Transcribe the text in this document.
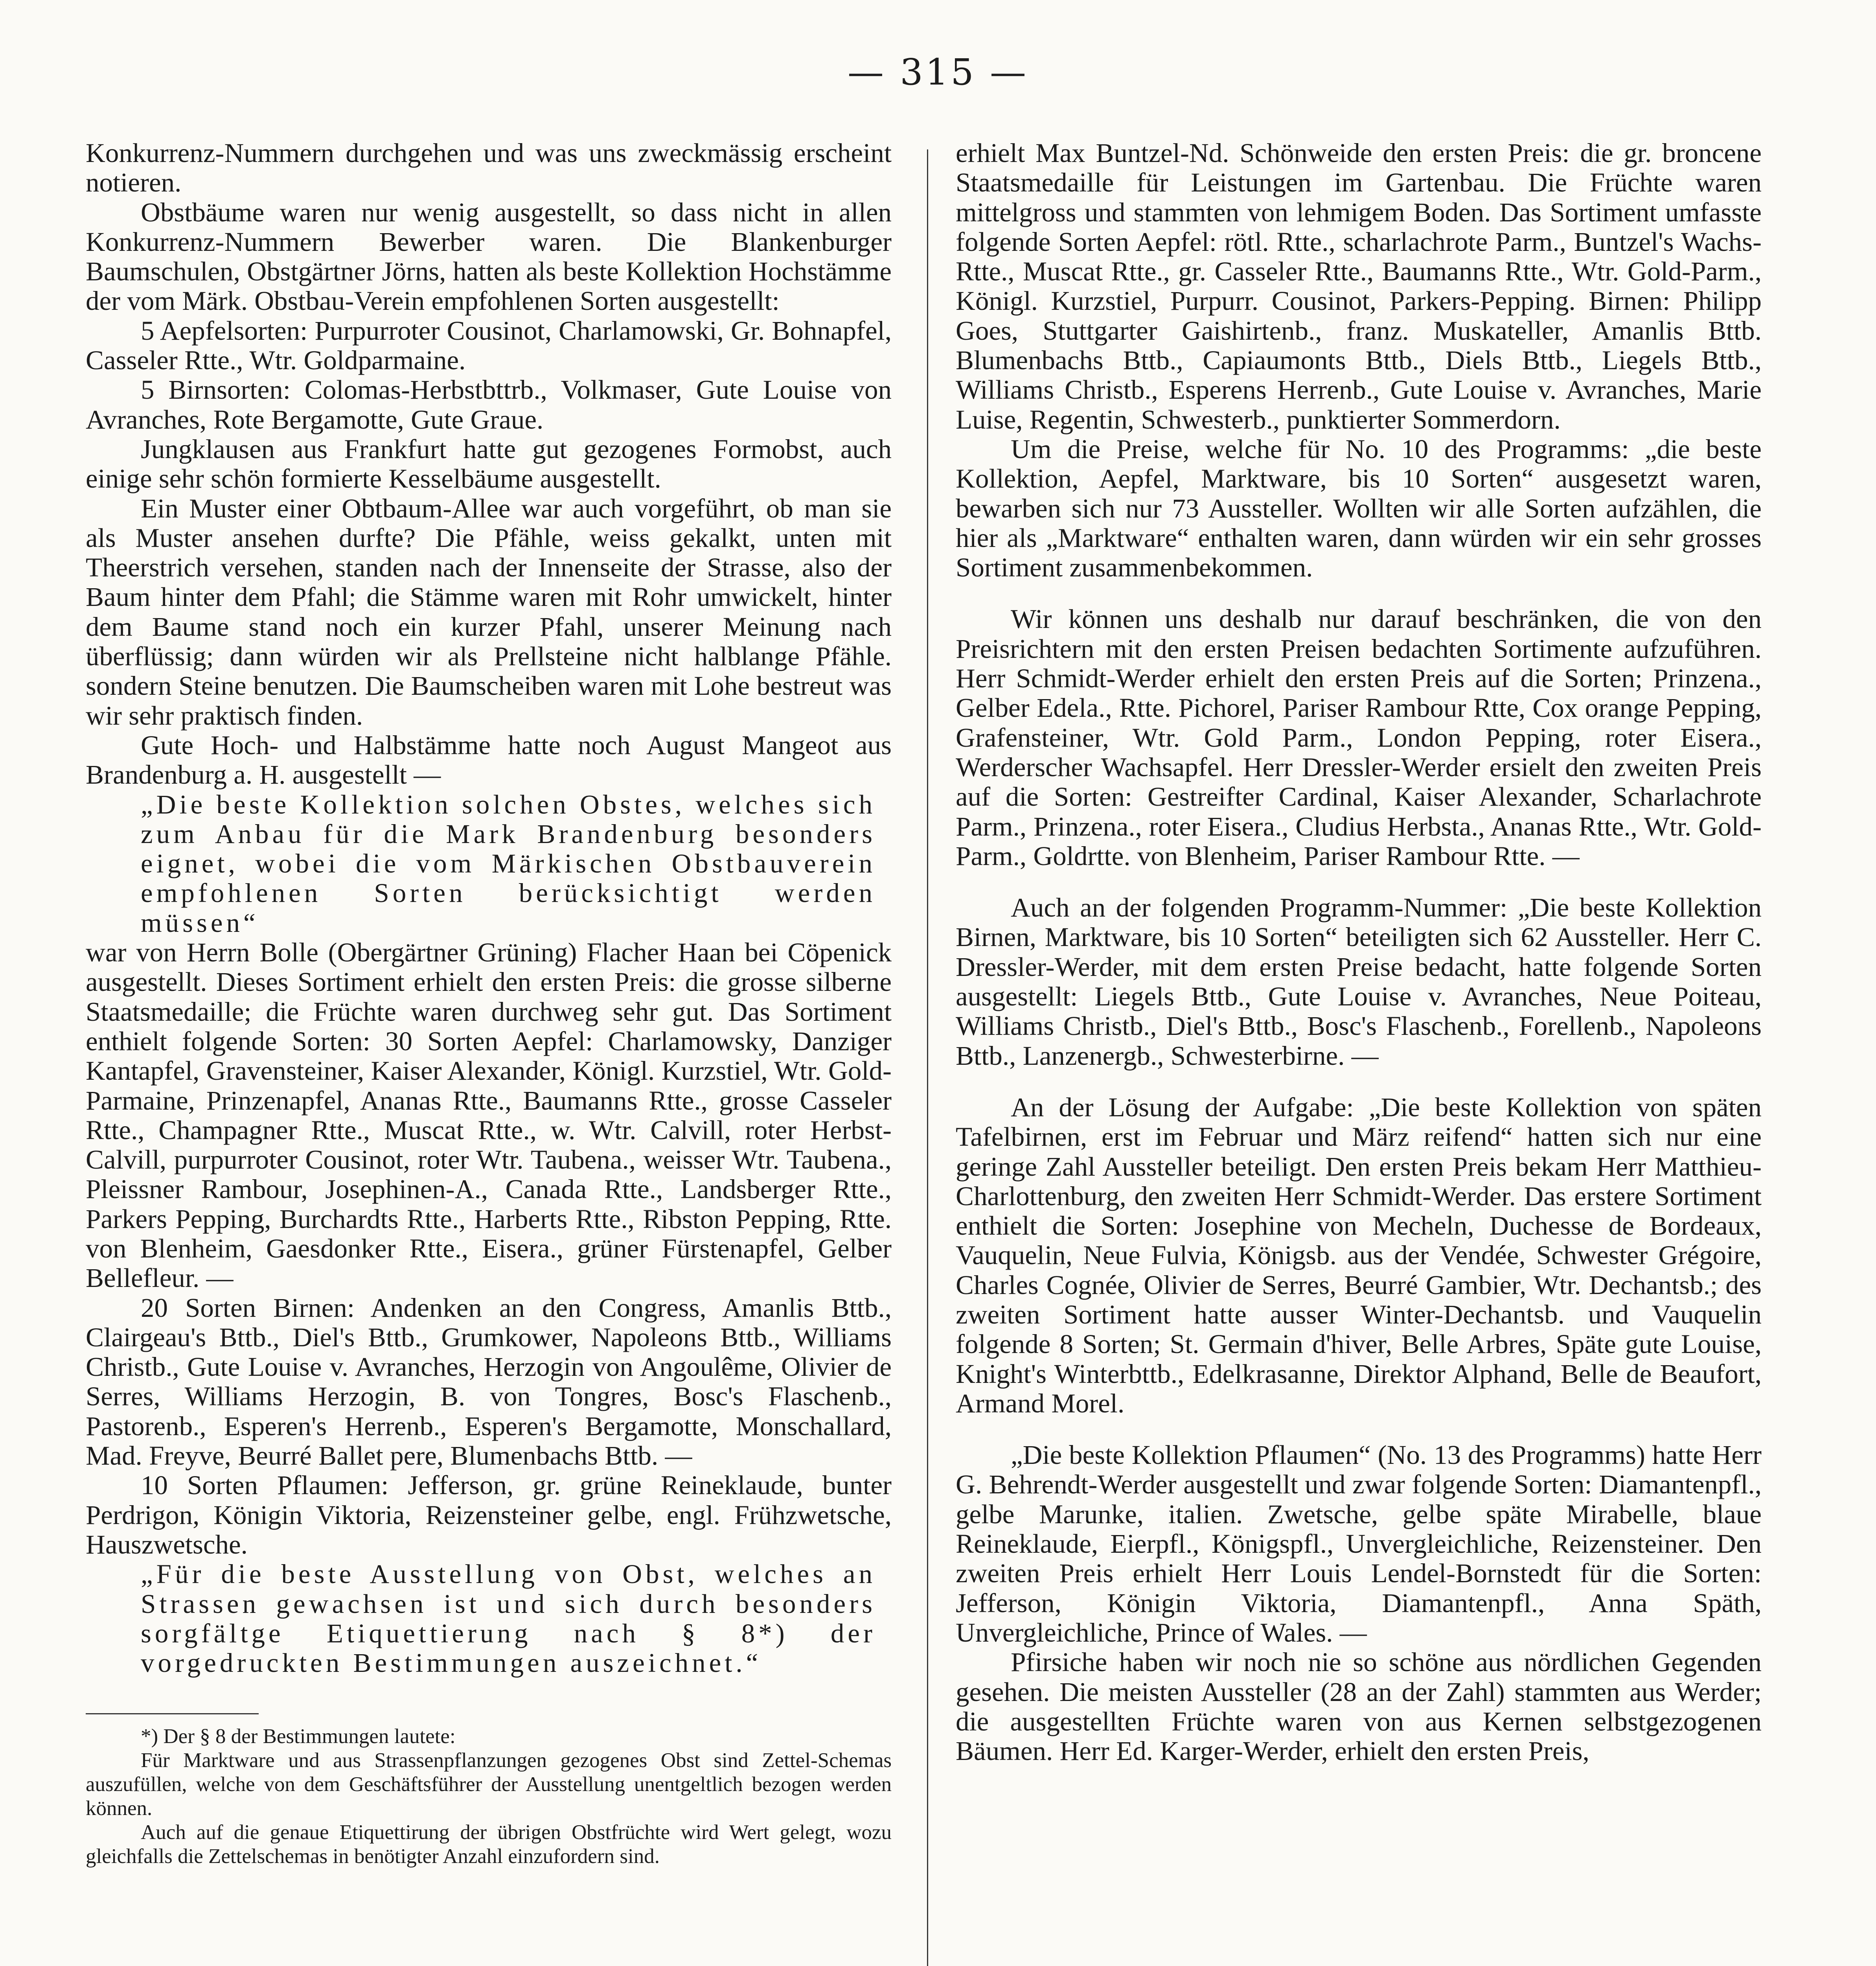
— 315 —

Konkurrenz-Nummern durchgehen und was uns zweckmässig erscheint notieren.

Obstbäume waren nur wenig ausgestellt, so dass nicht in allen Konkurrenz-Nummern Bewerber waren. Die Blankenburger Baumschulen, Obstgärtner Jörns, hatten als beste Kollektion Hochstämme der vom Märk. Obstbau-Verein empfohlenen Sorten ausgestellt:

5 Aepfelsorten: Purpurroter Cousinot, Charlamowski, Gr. Bohnapfel, Casseler Rtte., Wtr. Goldparmaine.

5 Birnsorten: Colomas-Herbstbttrb., Volkmaser, Gute Louise von Avranches, Rote Bergamotte, Gute Graue.

Jungklausen aus Frankfurt hatte gut gezogenes Formobst, auch einige sehr schön formierte Kesselbäume ausgestellt.

Ein Muster einer Obtbaum-Allee war auch vorgeführt, ob man sie als Muster ansehen durfte? Die Pfähle, weiss gekalkt, unten mit Theerstrich versehen, standen nach der Innenseite der Strasse, also der Baum hinter dem Pfahl; die Stämme waren mit Rohr umwickelt, hinter dem Baume stand noch ein kurzer Pfahl, unserer Meinung nach überflüssig; dann würden wir als Prellsteine nicht halblange Pfähle. sondern Steine benutzen. Die Baumscheiben waren mit Lohe bestreut was wir sehr praktisch finden.

Gute Hoch- und Halbstämme hatte noch August Mangeot aus Brandenburg a. H. ausgestellt —

„Die beste Kollektion solchen Obstes, welches sich zum Anbau für die Mark Brandenburg besonders eignet, wobei die vom Märkischen Obstbauverein empfohlenen Sorten berücksichtigt werden müssen“

war von Herrn Bolle (Obergärtner Grüning) Flacher Haan bei Cöpenick ausgestellt. Dieses Sortiment erhielt den ersten Preis: die grosse silberne Staatsmedaille; die Früchte waren durchweg sehr gut. Das Sortiment enthielt folgende Sorten: 30 Sorten Aepfel: Charlamowsky, Danziger Kantapfel, Gravensteiner, Kaiser Alexander, Königl. Kurzstiel, Wtr. Gold-Parmaine, Prinzenapfel, Ananas Rtte., Baumanns Rtte., grosse Casseler Rtte., Champagner Rtte., Muscat Rtte., w. Wtr. Calvill, roter Herbst-Calvill, purpurroter Cousinot, roter Wtr. Taubena., weisser Wtr. Taubena., Pleissner Rambour, Josephinen-A., Canada Rtte., Landsberger Rtte., Parkers Pepping, Burchardts Rtte., Harberts Rtte., Ribston Pepping, Rtte. von Blenheim, Gaesdonker Rtte., Eisera., grüner Fürstenapfel, Gelber Bellefleur. —

20 Sorten Birnen: Andenken an den Congress, Amanlis Bttb., Clairgeau's Bttb., Diel's Bttb., Grumkower, Napoleons Bttb., Williams Christb., Gute Louise v. Avranches, Herzogin von Angoulême, Olivier de Serres, Williams Herzogin, B. von Tongres, Bosc's Flaschenb., Pastorenb., Esperen's Herrenb., Esperen's Bergamotte, Monschallard, Mad. Freyve, Beurré Ballet pere, Blumenbachs Bttb. —

10 Sorten Pflaumen: Jefferson, gr. grüne Reineklaude, bunter Perdrigon, Königin Viktoria, Reizensteiner gelbe, engl. Frühzwetsche, Hauszwetsche.

„Für die beste Ausstellung von Obst, welches an Strassen gewachsen ist und sich durch besonders sorgfältge Etiquettierung nach § 8*) der vorgedruckten Bestimmungen auszeichnet.“

*) Der § 8 der Bestimmungen lautete:

Für Marktware und aus Strassenpflanzungen gezogenes Obst sind Zettel-Schemas auszufüllen, welche von dem Geschäftsführer der Ausstellung unentgeltlich bezogen werden können.

Auch auf die genaue Etiquettirung der übrigen Obstfrüchte wird Wert gelegt, wozu gleichfalls die Zettelschemas in benötigter Anzahl einzufordern sind.

erhielt Max Buntzel-Nd. Schönweide den ersten Preis: die gr. broncene Staatsmedaille für Leistungen im Gartenbau. Die Früchte waren mittelgross und stammten von lehmigem Boden. Das Sortiment umfasste folgende Sorten Aepfel: rötl. Rtte., scharlachrote Parm., Buntzel's Wachs-Rtte., Muscat Rtte., gr. Casseler Rtte., Baumanns Rtte., Wtr. Gold-Parm., Königl. Kurzstiel, Purpurr. Cousinot, Parkers-Pepping. Birnen: Philipp Goes, Stuttgarter Gaishirtenb., franz. Muskateller, Amanlis Bttb. Blumenbachs Bttb., Capiaumonts Bttb., Diels Bttb., Liegels Bttb., Williams Christb., Esperens Herrenb., Gute Louise v. Avranches, Marie Luise, Regentin, Schwesterb., punktierter Sommerdorn.

Um die Preise, welche für No. 10 des Programms: „die beste Kollektion, Aepfel, Marktware, bis 10 Sorten“ ausgesetzt waren, bewarben sich nur 73 Aussteller. Wollten wir alle Sorten aufzählen, die hier als „Marktware“ enthalten waren, dann würden wir ein sehr grosses Sortiment zusammenbekommen.

Wir können uns deshalb nur darauf beschränken, die von den Preisrichtern mit den ersten Preisen bedachten Sortimente aufzuführen. Herr Schmidt-Werder erhielt den ersten Preis auf die Sorten; Prinzena., Gelber Edela., Rtte. Pichorel, Pariser Rambour Rtte, Cox orange Pepping, Grafensteiner, Wtr. Gold Parm., London Pepping, roter Eisera., Werderscher Wachsapfel. Herr Dressler-Werder ersielt den zweiten Preis auf die Sorten: Gestreifter Cardinal, Kaiser Alexander, Scharlachrote Parm., Prinzena., roter Eisera., Cludius Herbsta., Ananas Rtte., Wtr. Gold-Parm., Goldrtte. von Blenheim, Pariser Rambour Rtte. —

Auch an der folgenden Programm-Nummer: „Die beste Kollektion Birnen, Marktware, bis 10 Sorten“ beteiligten sich 62 Aussteller. Herr C. Dressler-Werder, mit dem ersten Preise bedacht, hatte folgende Sorten ausgestellt: Liegels Bttb., Gute Louise v. Avranches, Neue Poiteau, Williams Christb., Diel's Bttb., Bosc's Flaschenb., Forellenb., Napoleons Bttb., Lanzenergb., Schwesterbirne. —

An der Lösung der Aufgabe: „Die beste Kollektion von späten Tafelbirnen, erst im Februar und März reifend“ hatten sich nur eine geringe Zahl Aussteller beteiligt. Den ersten Preis bekam Herr Matthieu-Charlottenburg, den zweiten Herr Schmidt-Werder. Das erstere Sortiment enthielt die Sorten: Josephine von Mecheln, Duchesse de Bordeaux, Vauquelin, Neue Fulvia, Königsb. aus der Vendée, Schwester Grégoire, Charles Cognée, Olivier de Serres, Beurré Gambier, Wtr. Dechantsb.; des zweiten Sortiment hatte ausser Winter-Dechantsb. und Vauquelin folgende 8 Sorten; St. Germain d'hiver, Belle Arbres, Späte gute Louise, Knight's Winterbttb., Edelkrasanne, Direktor Alphand, Belle de Beaufort, Armand Morel.

„Die beste Kollektion Pflaumen“ (No. 13 des Programms) hatte Herr G. Behrendt-Werder ausgestellt und zwar folgende Sorten: Diamantenpfl., gelbe Marunke, italien. Zwetsche, gelbe späte Mirabelle, blaue Reineklaude, Eierpfl., Königspfl., Unvergleichliche, Reizensteiner. Den zweiten Preis erhielt Herr Louis Lendel-Bornstedt für die Sorten: Jefferson, Königin Viktoria, Diamantenpfl., Anna Späth, Unvergleichliche, Prince of Wales. —

Pfirsiche haben wir noch nie so schöne aus nördlichen Gegenden gesehen. Die meisten Aussteller (28 an der Zahl) stammten aus Werder; die ausgestellten Früchte waren von aus Kernen selbstgezogenen Bäumen. Herr Ed. Karger-Werder, erhielt den ersten Preis,
